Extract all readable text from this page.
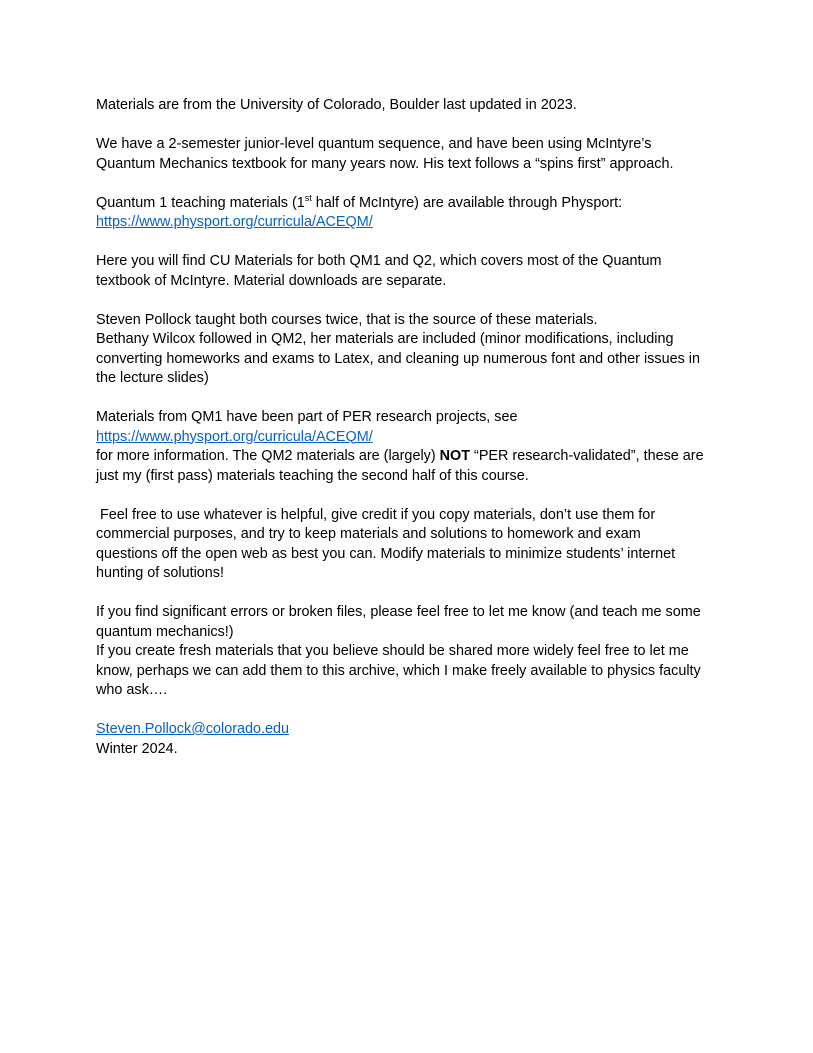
Materials are from the University of Colorado, Boulder last updated in 2023.

We have a 2-semester junior-level quantum sequence, and have been using McIntyre’s
Quantum Mechanics textbook for many years now. His text follows a “spins first” approach.

Quantum 1 teaching materials (1st half of McIntyre) are available through Physport:
https://www.physport.org/curricula/ACEQM/

Here you will find CU Materials for both QM1 and Q2, which covers most of the Quantum
textbook of McIntyre. Material downloads are separate.

Steven Pollock taught both courses twice, that is the source of these materials.
Bethany Wilcox followed in QM2, her materials are included (minor modifications, including
converting homeworks and exams to Latex, and cleaning up numerous font and other issues in
the lecture slides)

Materials from QM1 have been part of PER research projects, see
https://www.physport.org/curricula/ACEQM/
for more information. The QM2 materials are (largely) NOT “PER research-validated”, these are
just my (first pass) materials teaching the second half of this course.

Feel free to use whatever is helpful, give credit if you copy materials, don’t use them for
commercial purposes, and try to keep materials and solutions to homework and exam
questions off the open web as best you can. Modify materials to minimize students’ internet
hunting of solutions!

If you find significant errors or broken files, please feel free to let me know (and teach me some
quantum mechanics!)
If you create fresh materials that you believe should be shared more widely feel free to let me
know, perhaps we can add them to this archive, which I make freely available to physics faculty
who ask….

Steven.Pollock@colorado.edu
Winter 2024.
